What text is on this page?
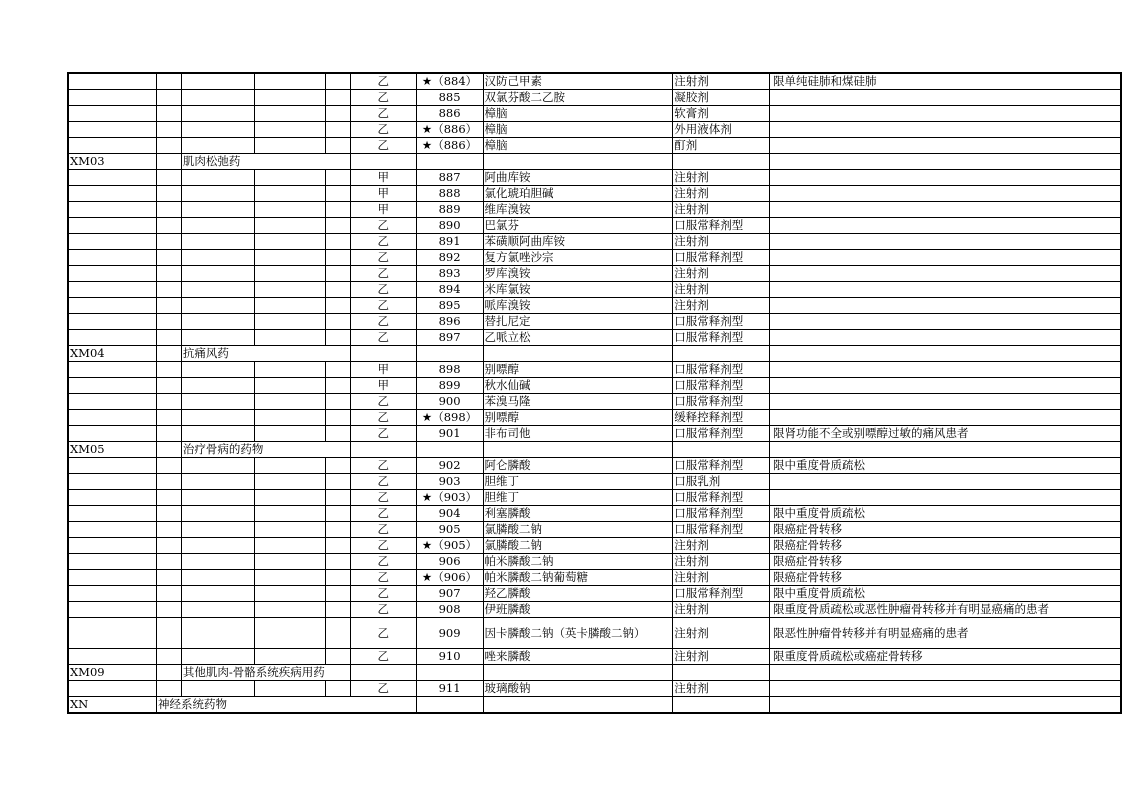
					乙	★（884）	汉防己甲素	注射剂	限单纯硅肺和煤硅肺
					乙	885	双氯芬酸二乙胺	凝胶剂	
					乙	886	樟脑	软膏剂	
					乙	★（886）	樟脑	外用液体剂	
					乙	★（886）	樟脑	酊剂	
XM03		肌肉松弛药							
					甲	887	阿曲库铵	注射剂	
					甲	888	氯化琥珀胆碱	注射剂	
					甲	889	维库溴铵	注射剂	
					乙	890	巴氯芬	口服常释剂型	
					乙	891	苯磺顺阿曲库铵	注射剂	
					乙	892	复方氯唑沙宗	口服常释剂型	
					乙	893	罗库溴铵	注射剂	
					乙	894	米库氯铵	注射剂	
					乙	895	哌库溴铵	注射剂	
					乙	896	替扎尼定	口服常释剂型	
					乙	897	乙哌立松	口服常释剂型	
XM04		抗痛风药							
					甲	898	别嘌醇	口服常释剂型	
					甲	899	秋水仙碱	口服常释剂型	
					乙	900	苯溴马隆	口服常释剂型	
					乙	★（898）	别嘌醇	缓释控释剂型	
					乙	901	非布司他	口服常释剂型	限肾功能不全或别嘌醇过敏的痛风患者
XM05		治疗骨病的药物							
					乙	902	阿仑膦酸	口服常释剂型	限中重度骨质疏松
					乙	903	胆维丁	口服乳剂	
					乙	★（903）	胆维丁	口服常释剂型	
					乙	904	利塞膦酸	口服常释剂型	限中重度骨质疏松
					乙	905	氯膦酸二钠	口服常释剂型	限癌症骨转移
					乙	★（905）	氯膦酸二钠	注射剂	限癌症骨转移
					乙	906	帕米膦酸二钠	注射剂	限癌症骨转移
					乙	★（906）	帕米膦酸二钠葡萄糖	注射剂	限癌症骨转移
					乙	907	羟乙膦酸	口服常释剂型	限中重度骨质疏松
					乙	908	伊班膦酸	注射剂	限重度骨质疏松或恶性肿瘤骨转移并有明显癌痛的患者
					乙	909	因卡膦酸二钠（英卡膦酸二钠）	注射剂	限恶性肿瘤骨转移并有明显癌痛的患者
					乙	910	唑来膦酸	注射剂	限重度骨质疏松或癌症骨转移
XM09		其他肌肉-骨骼系统疾病用药							
					乙	911	玻璃酸钠	注射剂	
XN	神经系统药物								
